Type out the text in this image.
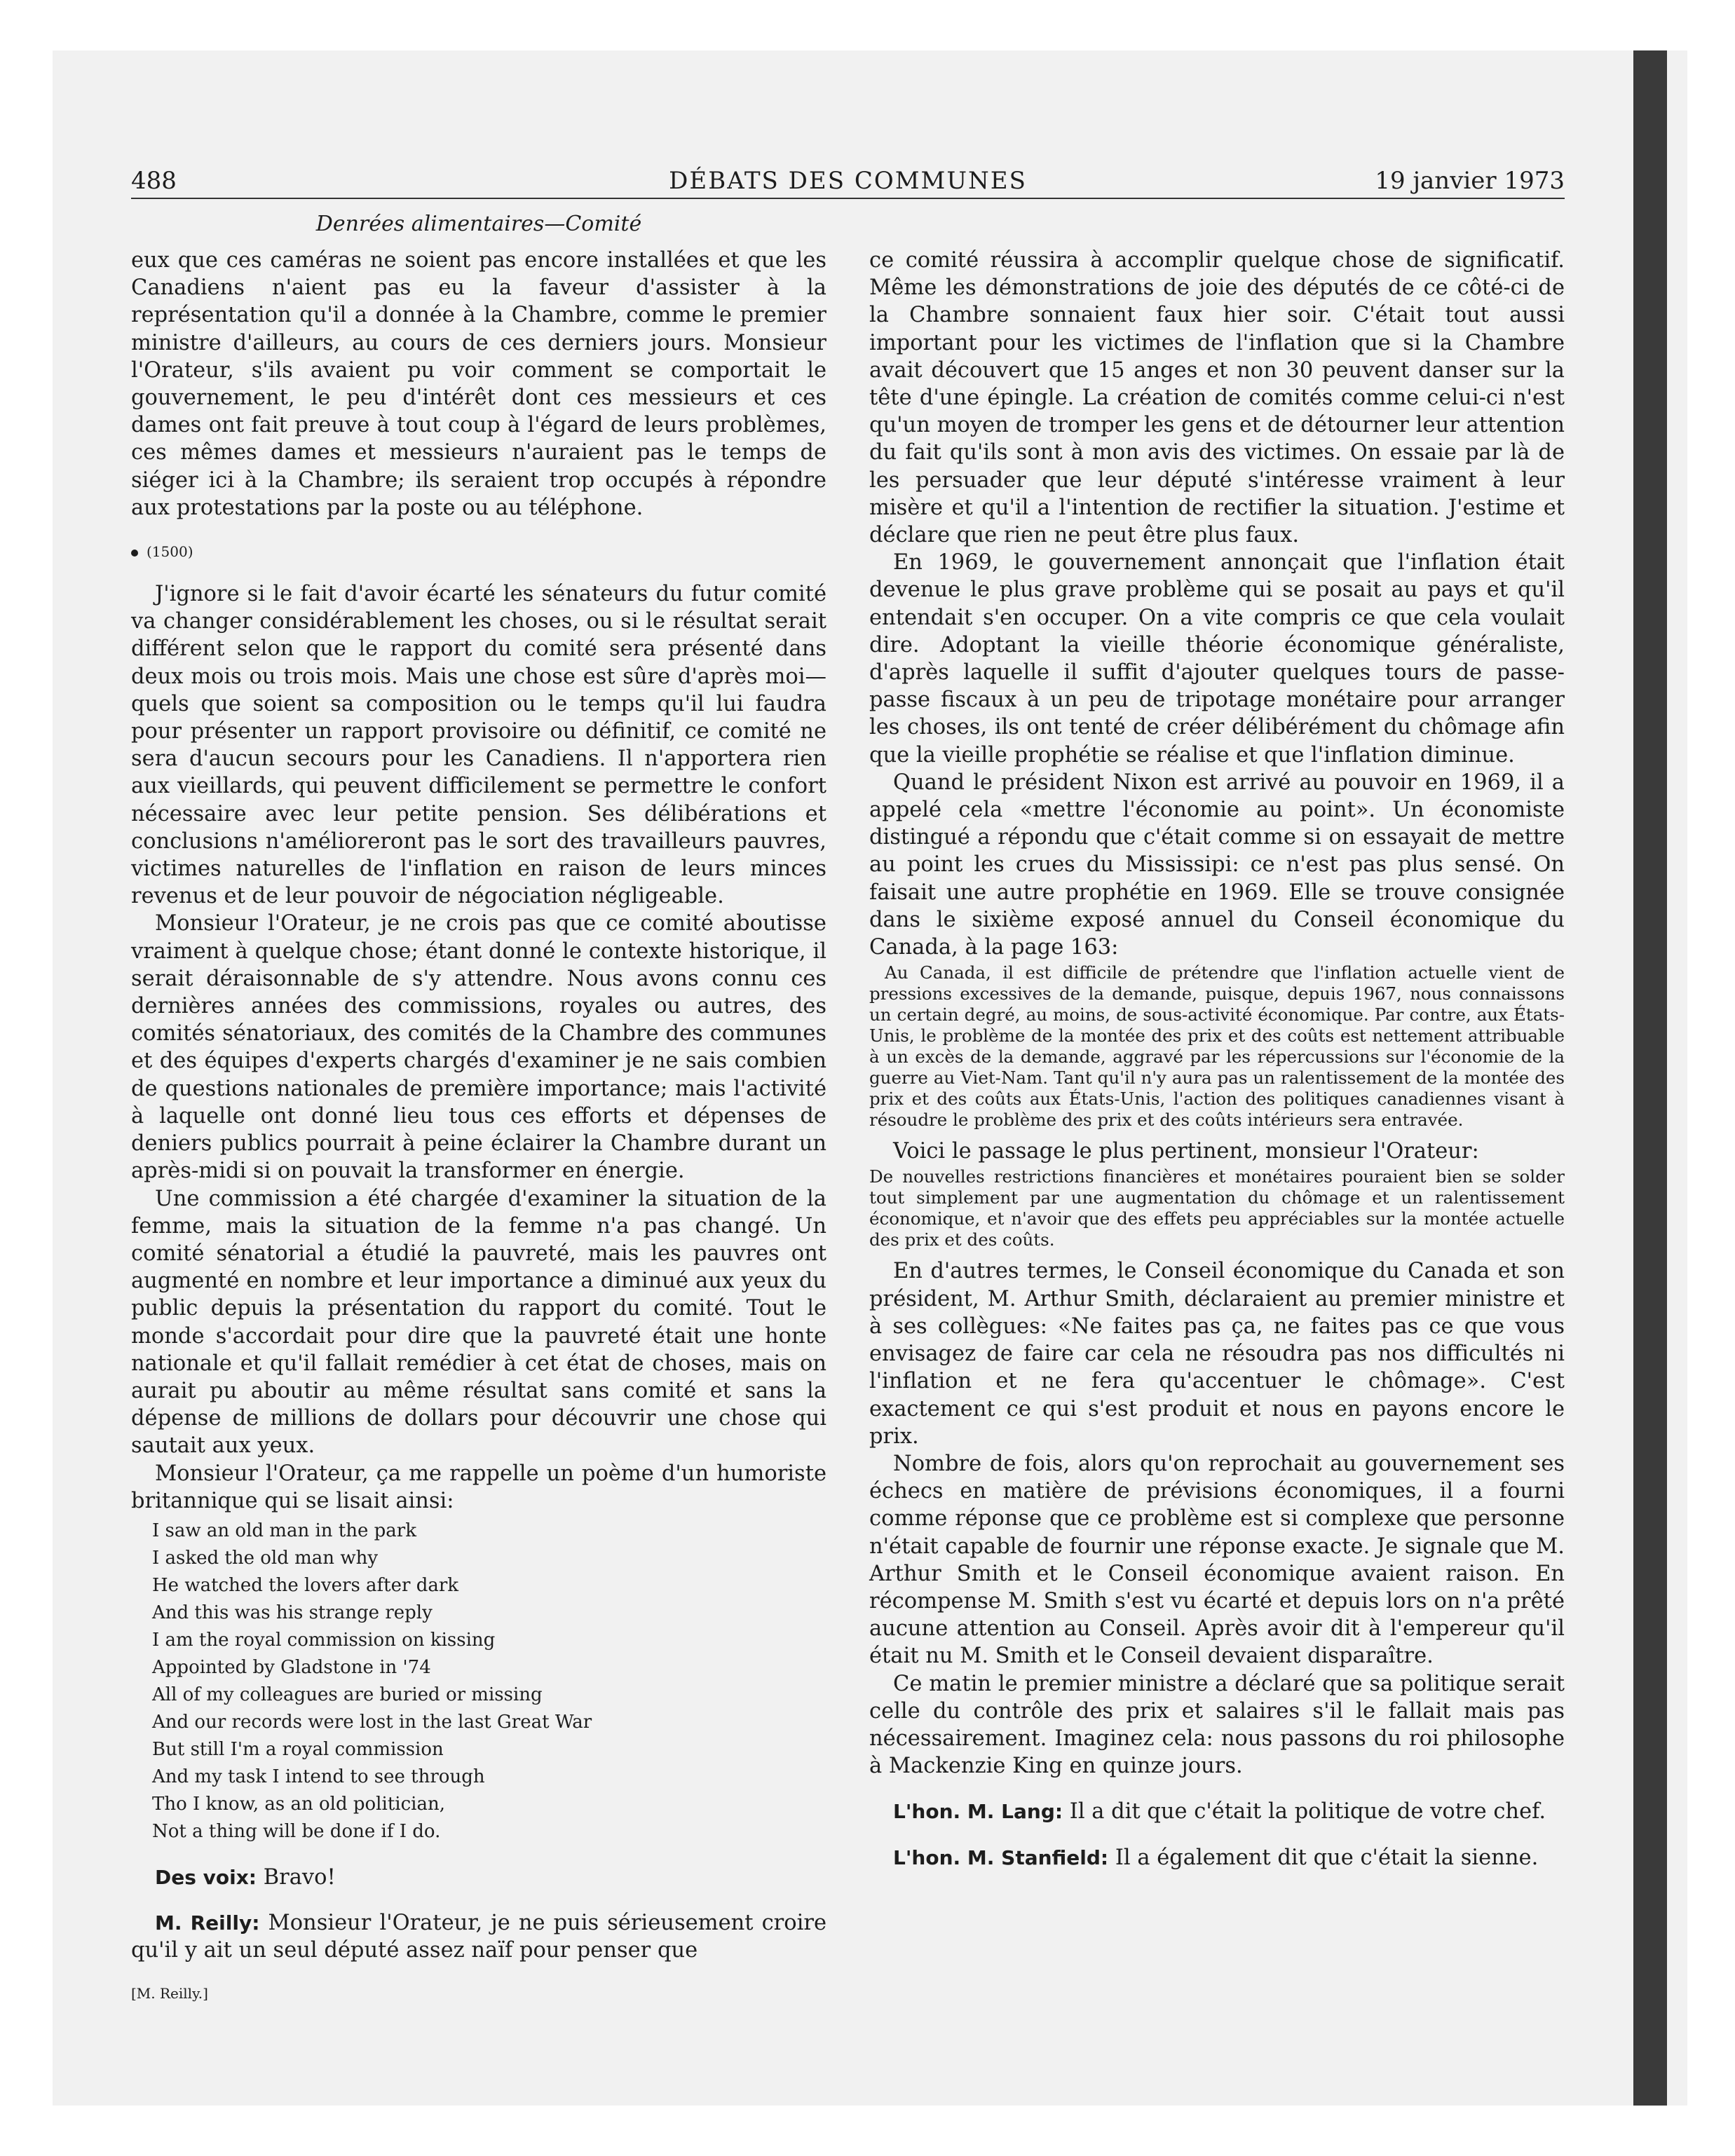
488	DÉBATS DES COMMUNES	19 janvier 1973
Denrées alimentaires—Comité

eux que ces caméras ne soient pas encore installées et que les Canadiens n'aient pas eu la faveur d'assister à la représentation qu'il a donnée à la Chambre, comme le premier ministre d'ailleurs, au cours de ces derniers jours. Monsieur l'Orateur, s'ils avaient pu voir comment se comportait le gouvernement, le peu d'intérêt dont ces messieurs et ces dames ont fait preuve à tout coup à l'égard de leurs problèmes, ces mêmes dames et messieurs n'auraient pas le temps de siéger ici à la Chambre; ils seraient trop occupés à répondre aux protestations par la poste ou au téléphone.

(1500)

J'ignore si le fait d'avoir écarté les sénateurs du futur comité va changer considérablement les choses, ou si le résultat serait différent selon que le rapport du comité sera présenté dans deux mois ou trois mois. Mais une chose est sûre d'après moi—quels que soient sa composition ou le temps qu'il lui faudra pour présenter un rapport provisoire ou définitif, ce comité ne sera d'aucun secours pour les Canadiens. Il n'apportera rien aux vieillards, qui peuvent difficilement se permettre le confort nécessaire avec leur petite pension. Ses délibérations et conclusions n'amélioreront pas le sort des travailleurs pauvres, victimes naturelles de l'inflation en raison de leurs minces revenus et de leur pouvoir de négociation négligeable.

Monsieur l'Orateur, je ne crois pas que ce comité aboutisse vraiment à quelque chose; étant donné le contexte historique, il serait déraisonnable de s'y attendre. Nous avons connu ces dernières années des commissions, royales ou autres, des comités sénatoriaux, des comités de la Chambre des communes et des équipes d'experts chargés d'examiner je ne sais combien de questions nationales de première importance; mais l'activité à laquelle ont donné lieu tous ces efforts et dépenses de deniers publics pourrait à peine éclairer la Chambre durant un après-midi si on pouvait la transformer en énergie.

Une commission a été chargée d'examiner la situation de la femme, mais la situation de la femme n'a pas changé. Un comité sénatorial a étudié la pauvreté, mais les pauvres ont augmenté en nombre et leur importance a diminué aux yeux du public depuis la présentation du rapport du comité. Tout le monde s'accordait pour dire que la pauvreté était une honte nationale et qu'il fallait remédier à cet état de choses, mais on aurait pu aboutir au même résultat sans comité et sans la dépense de millions de dollars pour découvrir une chose qui sautait aux yeux.

Monsieur l'Orateur, ça me rappelle un poème d'un humoriste britannique qui se lisait ainsi:

I saw an old man in the park
I asked the old man why
He watched the lovers after dark
And this was his strange reply
I am the royal commission on kissing
Appointed by Gladstone in '74
All of my colleagues are buried or missing
And our records were lost in the last Great War
But still I'm a royal commission
And my task I intend to see through
Tho I know, as an old politician,
Not a thing will be done if I do.

Des voix: Bravo!

M. Reilly: Monsieur l'Orateur, je ne puis sérieusement croire qu'il y ait un seul député assez naïf pour penser que

[M. Reilly.]

ce comité réussira à accomplir quelque chose de significatif. Même les démonstrations de joie des députés de ce côté-ci de la Chambre sonnaient faux hier soir. C'était tout aussi important pour les victimes de l'inflation que si la Chambre avait découvert que 15 anges et non 30 peuvent danser sur la tête d'une épingle. La création de comités comme celui-ci n'est qu'un moyen de tromper les gens et de détourner leur attention du fait qu'ils sont à mon avis des victimes. On essaie par là de les persuader que leur député s'intéresse vraiment à leur misère et qu'il a l'intention de rectifier la situation. J'estime et déclare que rien ne peut être plus faux.

En 1969, le gouvernement annonçait que l'inflation était devenue le plus grave problème qui se posait au pays et qu'il entendait s'en occuper. On a vite compris ce que cela voulait dire. Adoptant la vieille théorie économique généraliste, d'après laquelle il suffit d'ajouter quelques tours de passe-passe fiscaux à un peu de tripotage monétaire pour arranger les choses, ils ont tenté de créer délibérément du chômage afin que la vieille prophétie se réalise et que l'inflation diminue.

Quand le président Nixon est arrivé au pouvoir en 1969, il a appelé cela «mettre l'économie au point». Un économiste distingué a répondu que c'était comme si on essayait de mettre au point les crues du Mississipi: ce n'est pas plus sensé. On faisait une autre prophétie en 1969. Elle se trouve consignée dans le sixième exposé annuel du Conseil économique du Canada, à la page 163:

Au Canada, il est difficile de prétendre que l'inflation actuelle vient de pressions excessives de la demande, puisque, depuis 1967, nous connaissons un certain degré, au moins, de sous-activité économique. Par contre, aux États-Unis, le problème de la montée des prix et des coûts est nettement attribuable à un excès de la demande, aggravé par les répercussions sur l'économie de la guerre au Viet-Nam. Tant qu'il n'y aura pas un ralentissement de la montée des prix et des coûts aux États-Unis, l'action des politiques canadiennes visant à résoudre le problème des prix et des coûts intérieurs sera entravée.

Voici le passage le plus pertinent, monsieur l'Orateur:

De nouvelles restrictions financières et monétaires pouraient bien se solder tout simplement par une augmentation du chômage et un ralentissement économique, et n'avoir que des effets peu appréciables sur la montée actuelle des prix et des coûts.

En d'autres termes, le Conseil économique du Canada et son président, M. Arthur Smith, déclaraient au premier ministre et à ses collègues: «Ne faites pas ça, ne faites pas ce que vous envisagez de faire car cela ne résoudra pas nos difficultés ni l'inflation et ne fera qu'accentuer le chômage». C'est exactement ce qui s'est produit et nous en payons encore le prix.

Nombre de fois, alors qu'on reprochait au gouvernement ses échecs en matière de prévisions économiques, il a fourni comme réponse que ce problème est si complexe que personne n'était capable de fournir une réponse exacte. Je signale que M. Arthur Smith et le Conseil économique avaient raison. En récompense M. Smith s'est vu écarté et depuis lors on n'a prêté aucune attention au Conseil. Après avoir dit à l'empereur qu'il était nu M. Smith et le Conseil devaient disparaître.

Ce matin le premier ministre a déclaré que sa politique serait celle du contrôle des prix et salaires s'il le fallait mais pas nécessairement. Imaginez cela: nous passons du roi philosophe à Mackenzie King en quinze jours.

L'hon. M. Lang: Il a dit que c'était la politique de votre chef.

L'hon. M. Stanfield: Il a également dit que c'était la sienne.
